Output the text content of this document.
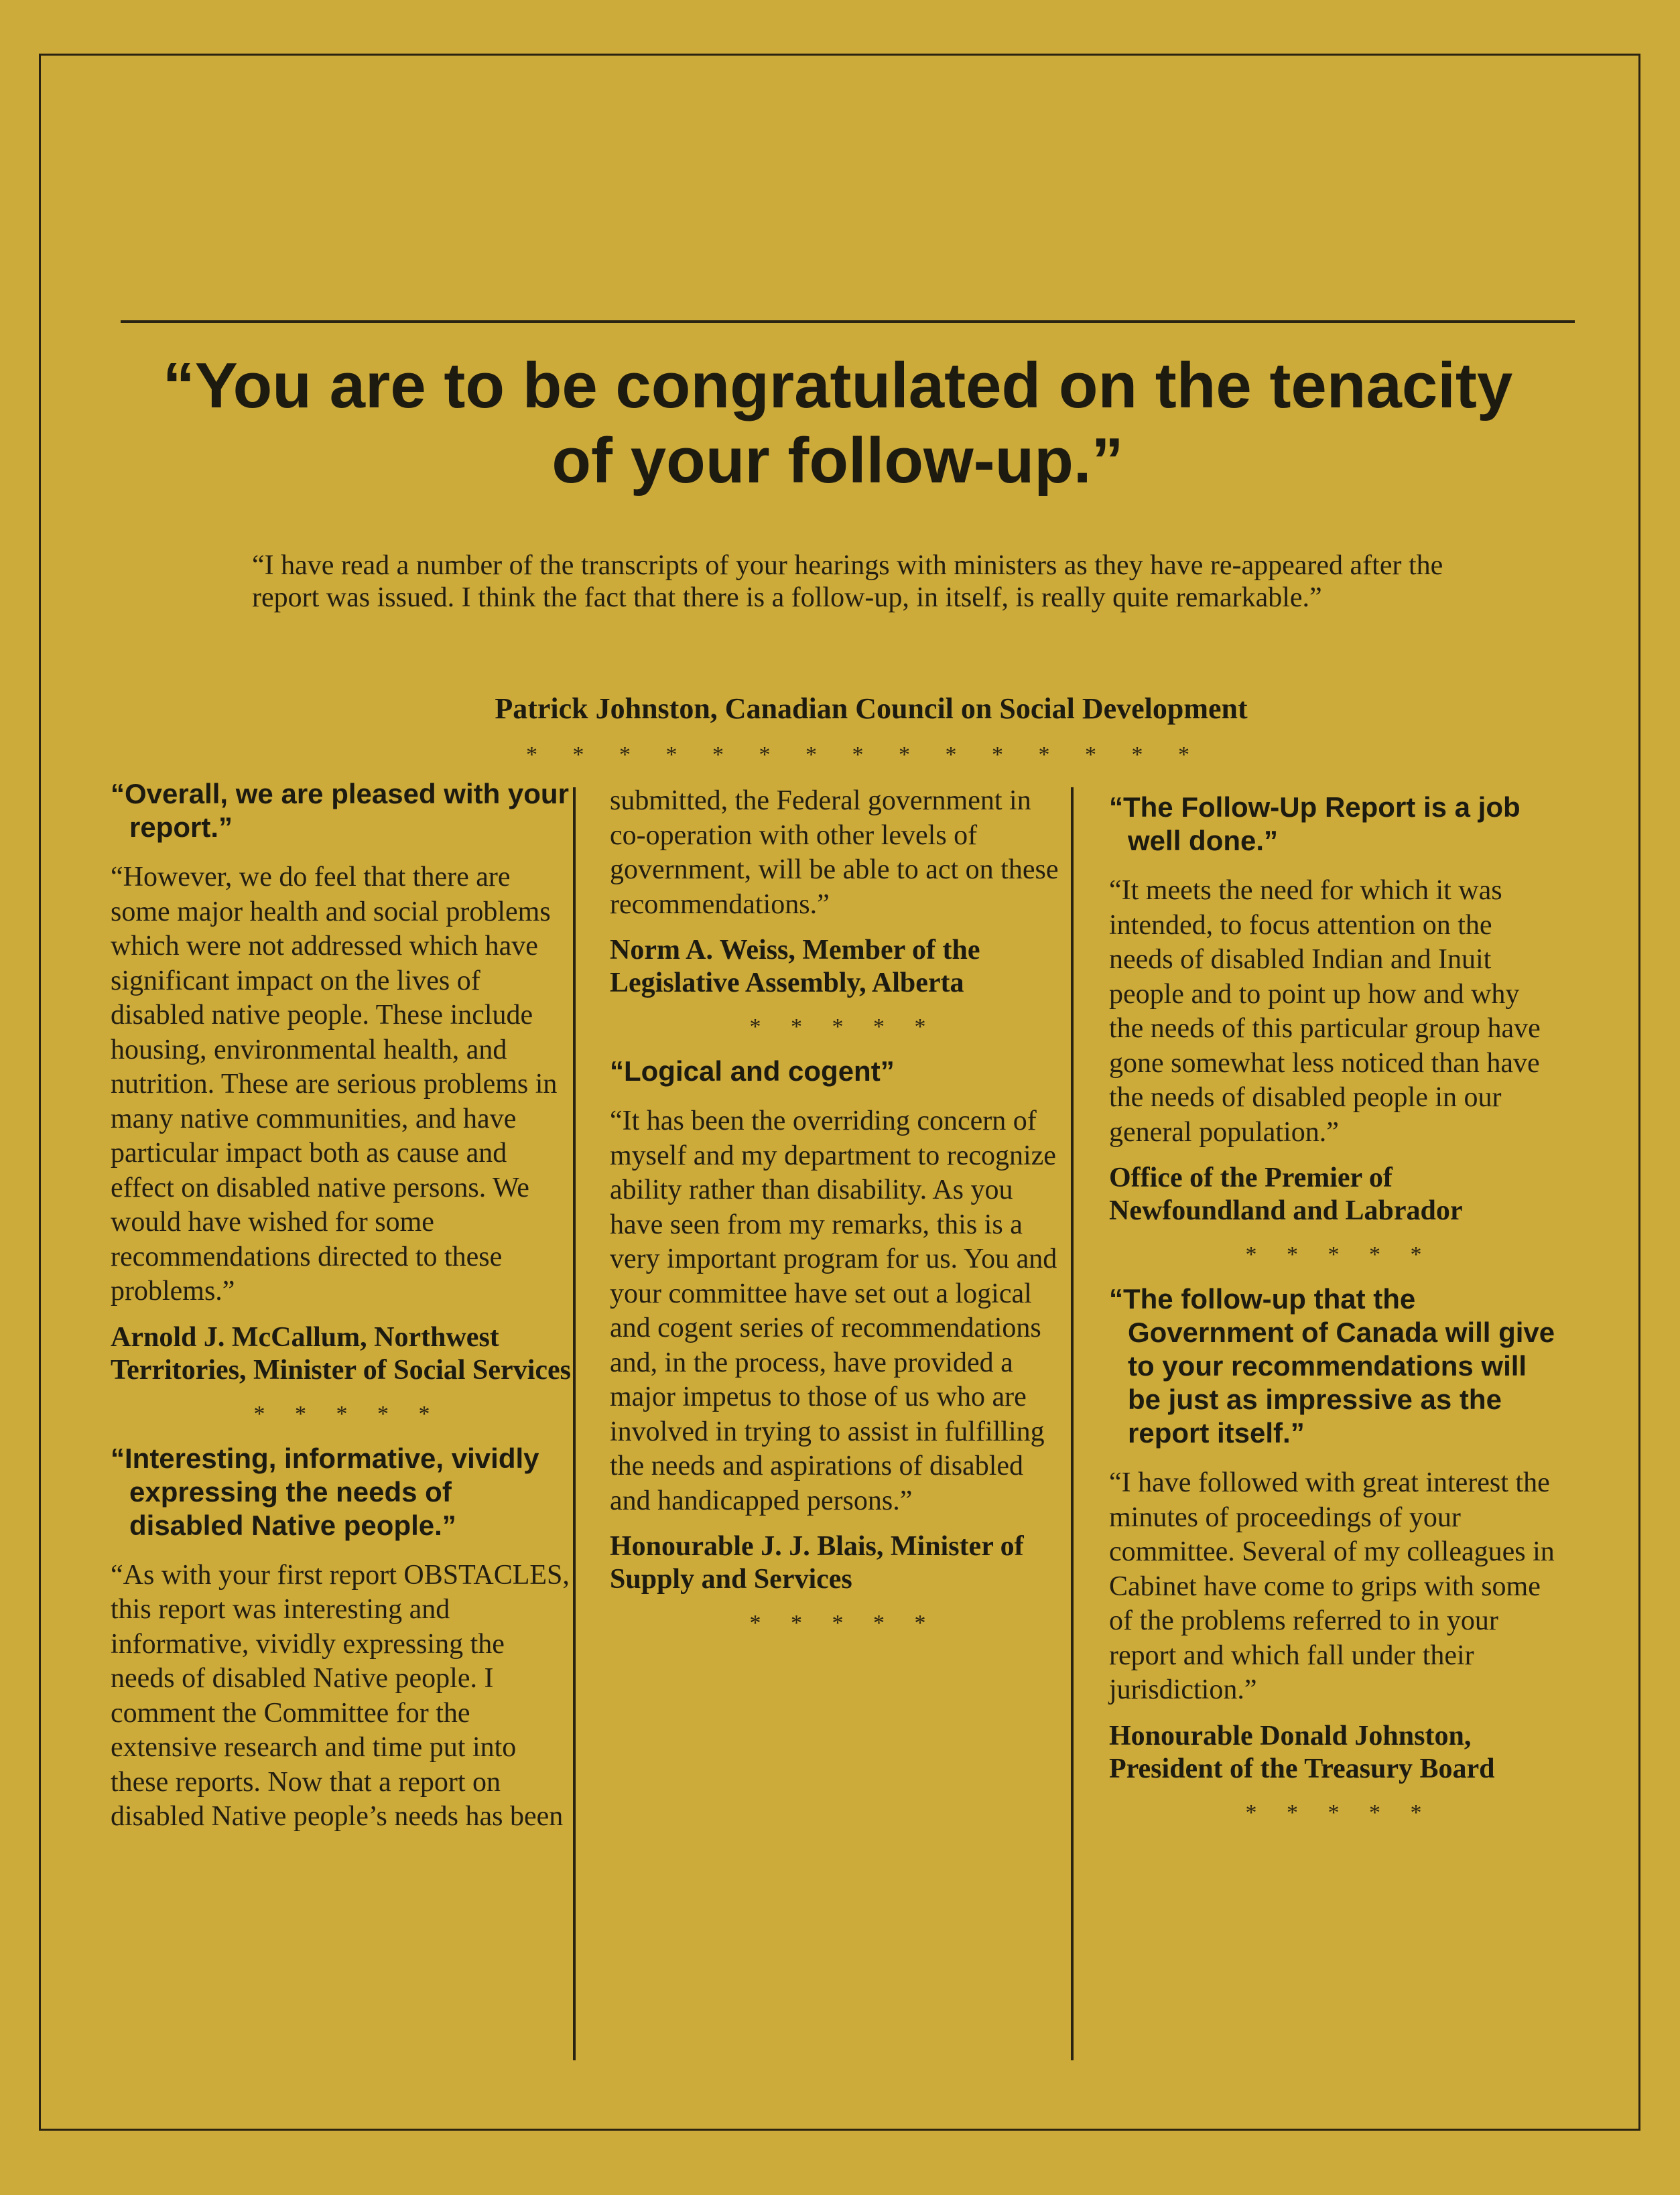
“You are to be congratulated on the tenacity of your follow-up.”

“I have read a number of the transcripts of your hearings with ministers as they have re-appeared after the report was issued. I think the fact that there is a follow-up, in itself, is really quite remarkable.”

Patrick Johnston, Canadian Council on Social Development

* * * * * * * * * * * * * * *

“Overall, we are pleased with your report.”

“However, we do feel that there are some major health and social problems which were not addressed which have significant impact on the lives of disabled native people. These include housing, environmental health, and nutrition. These are serious problems in many native communities, and have particular impact both as cause and effect on disabled native persons. We would have wished for some recommendations directed to these problems.”

Arnold J. McCallum, Northwest Territories, Minister of Social Services

* * * * *

“Interesting, informative, vividly expressing the needs of disabled Native people.”

“As with your first report OBSTACLES, this report was interesting and informative, vividly expressing the needs of disabled Native people. I comment the Committee for the extensive research and time put into these reports. Now that a report on disabled Native people’s needs has been

submitted, the Federal government in co-operation with other levels of government, will be able to act on these recommendations.”

Norm A. Weiss, Member of the Legislative Assembly, Alberta

* * * * *

“Logical and cogent”

“It has been the overriding concern of myself and my department to recognize ability rather than disability. As you have seen from my remarks, this is a very important program for us. You and your committee have set out a logical and cogent series of recommendations and, in the process, have provided a major impetus to those of us who are involved in trying to assist in fulfilling the needs and aspirations of disabled and handicapped persons.”

Honourable J. J. Blais, Minister of Supply and Services

* * * * *

“The Follow-Up Report is a job well done.”

“It meets the need for which it was intended, to focus attention on the needs of disabled Indian and Inuit people and to point up how and why the needs of this particular group have gone somewhat less noticed than have the needs of disabled people in our general population.”

Office of the Premier of Newfoundland and Labrador

* * * * *

“The follow-up that the Government of Canada will give to your recommendations will be just as impressive as the report itself.”

“I have followed with great interest the minutes of proceedings of your committee. Several of my colleagues in Cabinet have come to grips with some of the problems referred to in your report and which fall under their jurisdiction.”

Honourable Donald Johnston, President of the Treasury Board

* * * * *
